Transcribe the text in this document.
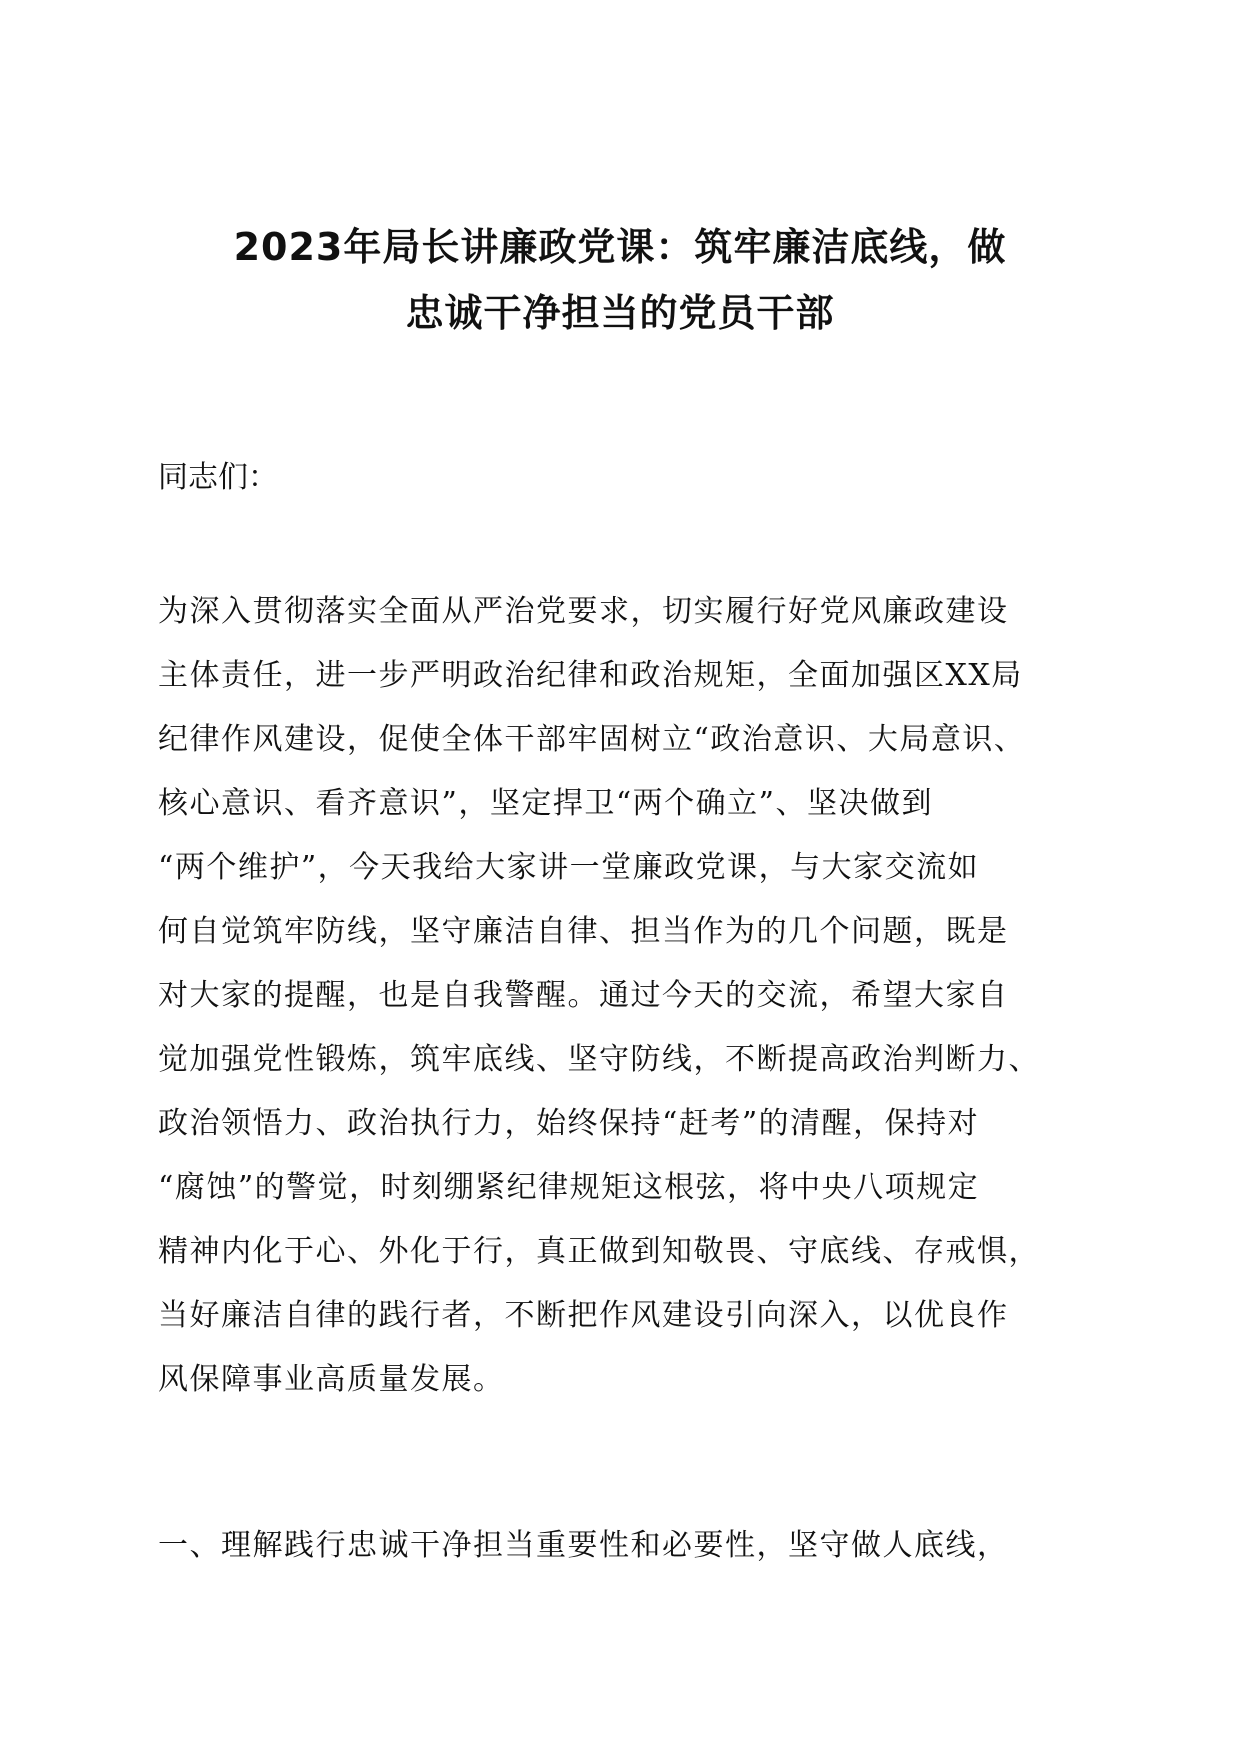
2023年局长讲廉政党课：筑牢廉洁底线，做
忠诚干净担当的党员干部

同志们：

为深入贯彻落实全面从严治党要求，切实履行好党风廉政建设
主体责任，进一步严明政治纪律和政治规矩，全面加强区XX局
纪律作风建设，促使全体干部牢固树立“政治意识、大局意识、
核心意识、看齐意识”，坚定捍卫“两个确立”、坚决做到
“两个维护”，今天我给大家讲一堂廉政党课，与大家交流如
何自觉筑牢防线，坚守廉洁自律、担当作为的几个问题，既是
对大家的提醒，也是自我警醒。通过今天的交流，希望大家自
觉加强党性锻炼，筑牢底线、坚守防线，不断提高政治判断力、
政治领悟力、政治执行力，始终保持“赶考”的清醒，保持对
“腐蚀”的警觉，时刻绷紧纪律规矩这根弦，将中央八项规定
精神内化于心、外化于行，真正做到知敬畏、守底线、存戒惧，
当好廉洁自律的践行者，不断把作风建设引向深入，以优良作
风保障事业高质量发展。

一、理解践行忠诚干净担当重要性和必要性，坚守做人底线，
